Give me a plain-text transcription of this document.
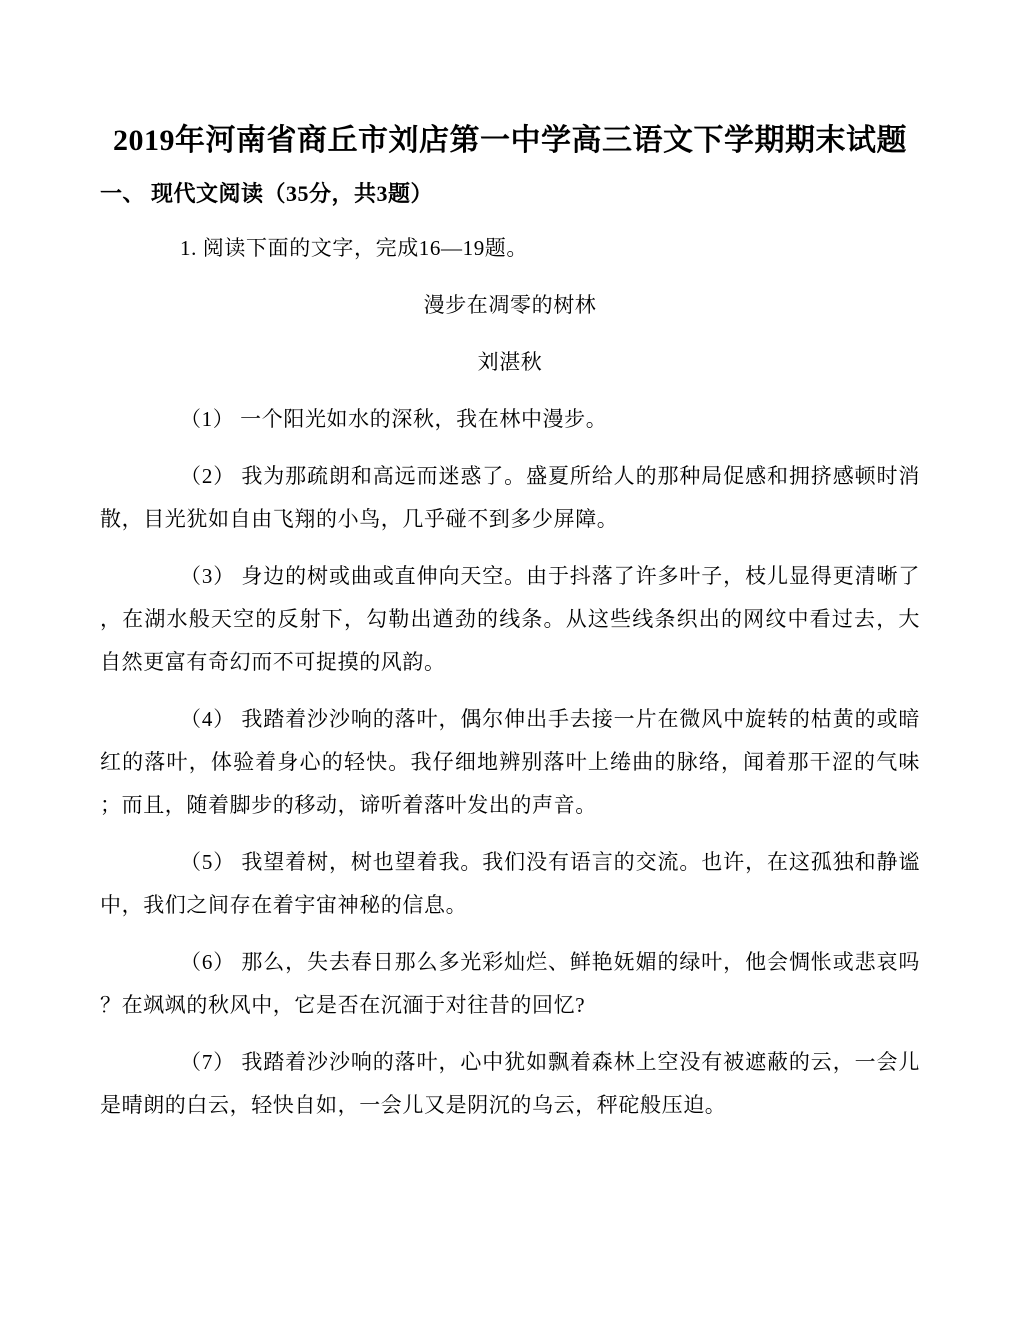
2019年河南省商丘市刘店第一中学高三语文下学期期末试题
一、 现代文阅读（35分，共3题）

1. 阅读下面的文字，完成16—19题。

漫步在凋零的树林

刘湛秋

（1） 一个阳光如水的深秋，我在林中漫步。

（2） 我为那疏朗和高远而迷惑了。盛夏所给人的那种局促感和拥挤感顿时消散，目光犹如自由飞翔的小鸟，几乎碰不到多少屏障。

（3） 身边的树或曲或直伸向天空。由于抖落了许多叶子，枝儿显得更清晰了，在湖水般天空的反射下，勾勒出遒劲的线条。从这些线条织出的网纹中看过去，大自然更富有奇幻而不可捉摸的风韵。

（4） 我踏着沙沙响的落叶，偶尔伸出手去接一片在微风中旋转的枯黄的或暗红的落叶，体验着身心的轻快。我仔细地辨别落叶上绻曲的脉络，闻着那干涩的气味；而且，随着脚步的移动，谛听着落叶发出的声音。

（5） 我望着树，树也望着我。我们没有语言的交流。也许，在这孤独和静谧中，我们之间存在着宇宙神秘的信息。

（6） 那么，失去春日那么多光彩灿烂、鲜艳妩媚的绿叶，他会惆怅或悲哀吗？在飒飒的秋风中，它是否在沉湎于对往昔的回忆?

（7） 我踏着沙沙响的落叶，心中犹如飘着森林上空没有被遮蔽的云，一会儿是晴朗的白云，轻快自如，一会儿又是阴沉的乌云，秤砣般压迫。
